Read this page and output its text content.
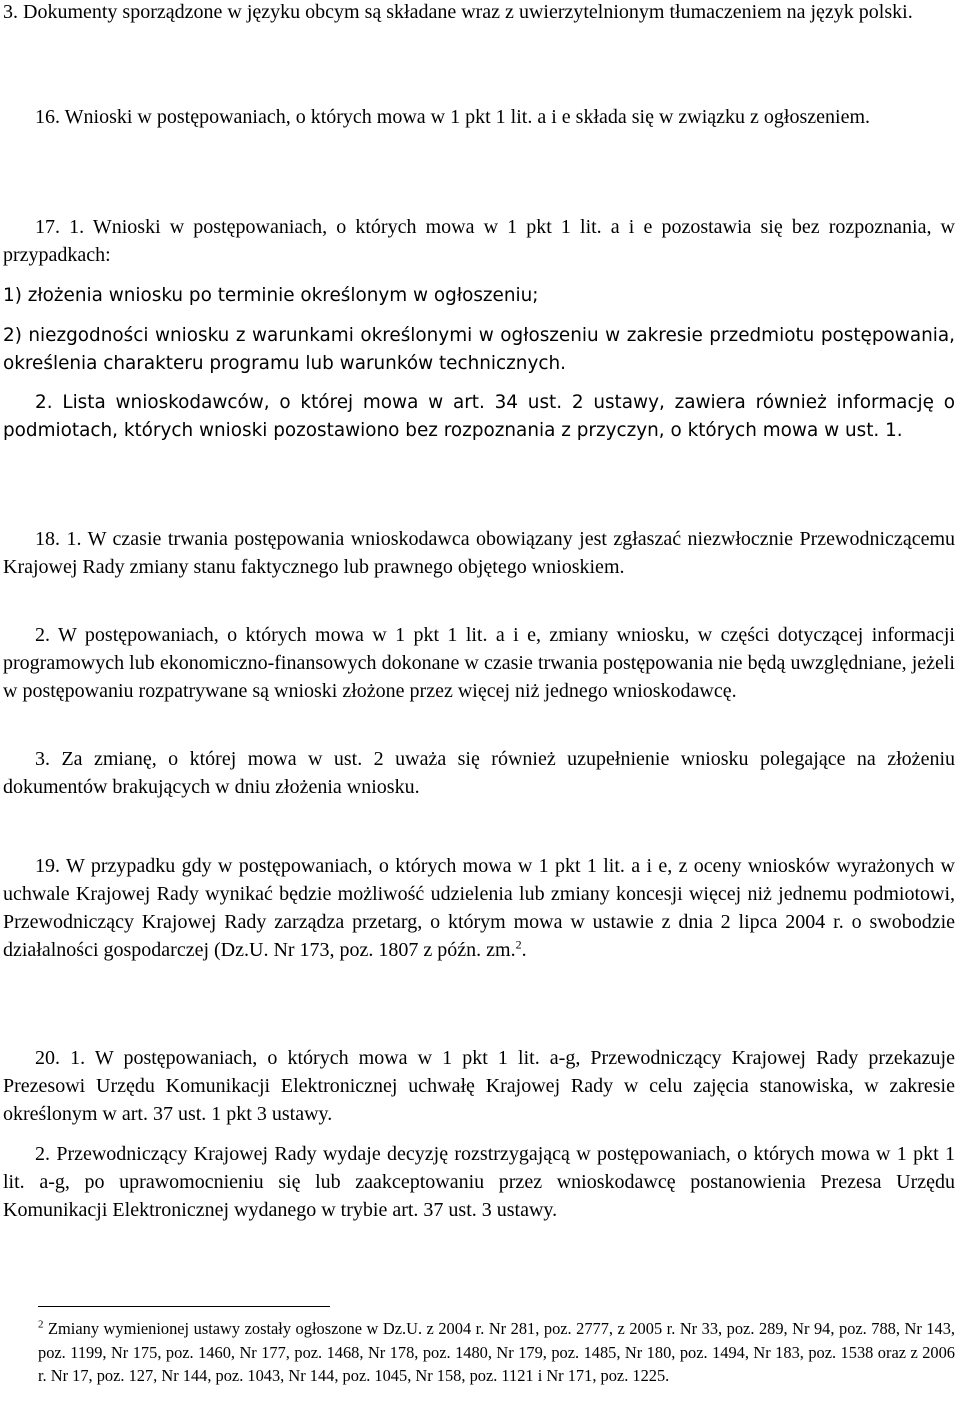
3. Dokumenty sporządzone w języku obcym są składane wraz z uwierzytelnionym tłumaczeniem na język polski.

16. Wnioski w postępowaniach, o których mowa w 1 pkt 1 lit. a i e składa się w związku z ogłoszeniem.

17. 1. Wnioski w postępowaniach, o których mowa w 1 pkt 1 lit. a i e pozostawia się bez rozpoznania, w przypadkach:

1) złożenia wniosku po terminie określonym w ogłoszeniu;

2) niezgodności wniosku z warunkami określonymi w ogłoszeniu w zakresie przedmiotu postępowania, określenia charakteru programu lub warunków technicznych.

2. Lista wnioskodawców, o której mowa w art. 34 ust. 2 ustawy, zawiera również informację o podmiotach, których wnioski pozostawiono bez rozpoznania z przyczyn, o których mowa w ust. 1.

18. 1. W czasie trwania postępowania wnioskodawca obowiązany jest zgłaszać niezwłocznie Przewodniczącemu Krajowej Rady zmiany stanu faktycznego lub prawnego objętego wnioskiem.

2. W postępowaniach, o których mowa w 1 pkt 1 lit. a i e, zmiany wniosku, w części dotyczącej informacji programowych lub ekonomiczno-finansowych dokonane w czasie trwania postępowania nie będą uwzględniane, jeżeli w postępowaniu rozpatrywane są wnioski złożone przez więcej niż jednego wnioskodawcę.

3. Za zmianę, o której mowa w ust. 2 uważa się również uzupełnienie wniosku polegające na złożeniu dokumentów brakujących w dniu złożenia wniosku.

19. W przypadku gdy w postępowaniach, o których mowa w 1 pkt 1 lit. a i e, z oceny wniosków wyrażonych w uchwale Krajowej Rady wynikać będzie możliwość udzielenia lub zmiany koncesji więcej niż jednemu podmiotowi, Przewodniczący Krajowej Rady zarządza przetarg, o którym mowa w ustawie z dnia 2 lipca 2004 r. o swobodzie działalności gospodarczej (Dz.U. Nr 173, poz. 1807 z późn. zm.$^2$.

20. 1. W postępowaniach, o których mowa w 1 pkt 1 lit. a-g, Przewodniczący Krajowej Rady przekazuje Prezesowi Urzędu Komunikacji Elektronicznej uchwałę Krajowej Rady w celu zajęcia stanowiska, w zakresie określonym w art. 37 ust. 1 pkt 3 ustawy.

2. Przewodniczący Krajowej Rady wydaje decyzję rozstrzygającą w postępowaniach, o których mowa w 1 pkt 1 lit. a-g, po uprawomocnieniu się lub zaakceptowaniu przez wnioskodawcę postanowienia Prezesa Urzędu Komunikacji Elektronicznej wydanego w trybie art. 37 ust. 3 ustawy.

$^2$ Zmiany wymienionej ustawy zostały ogłoszone w Dz.U. z 2004 r. Nr 281, poz. 2777, z 2005 r. Nr 33, poz. 289, Nr 94, poz. 788, Nr 143, poz. 1199, Nr 175, poz. 1460, Nr 177, poz. 1468, Nr 178, poz. 1480, Nr 179, poz. 1485, Nr 180, poz. 1494, Nr 183, poz. 1538 oraz z 2006 r. Nr 17, poz. 127, Nr 144, poz. 1043, Nr 144, poz. 1045, Nr 158, poz. 1121 i Nr 171, poz. 1225.
